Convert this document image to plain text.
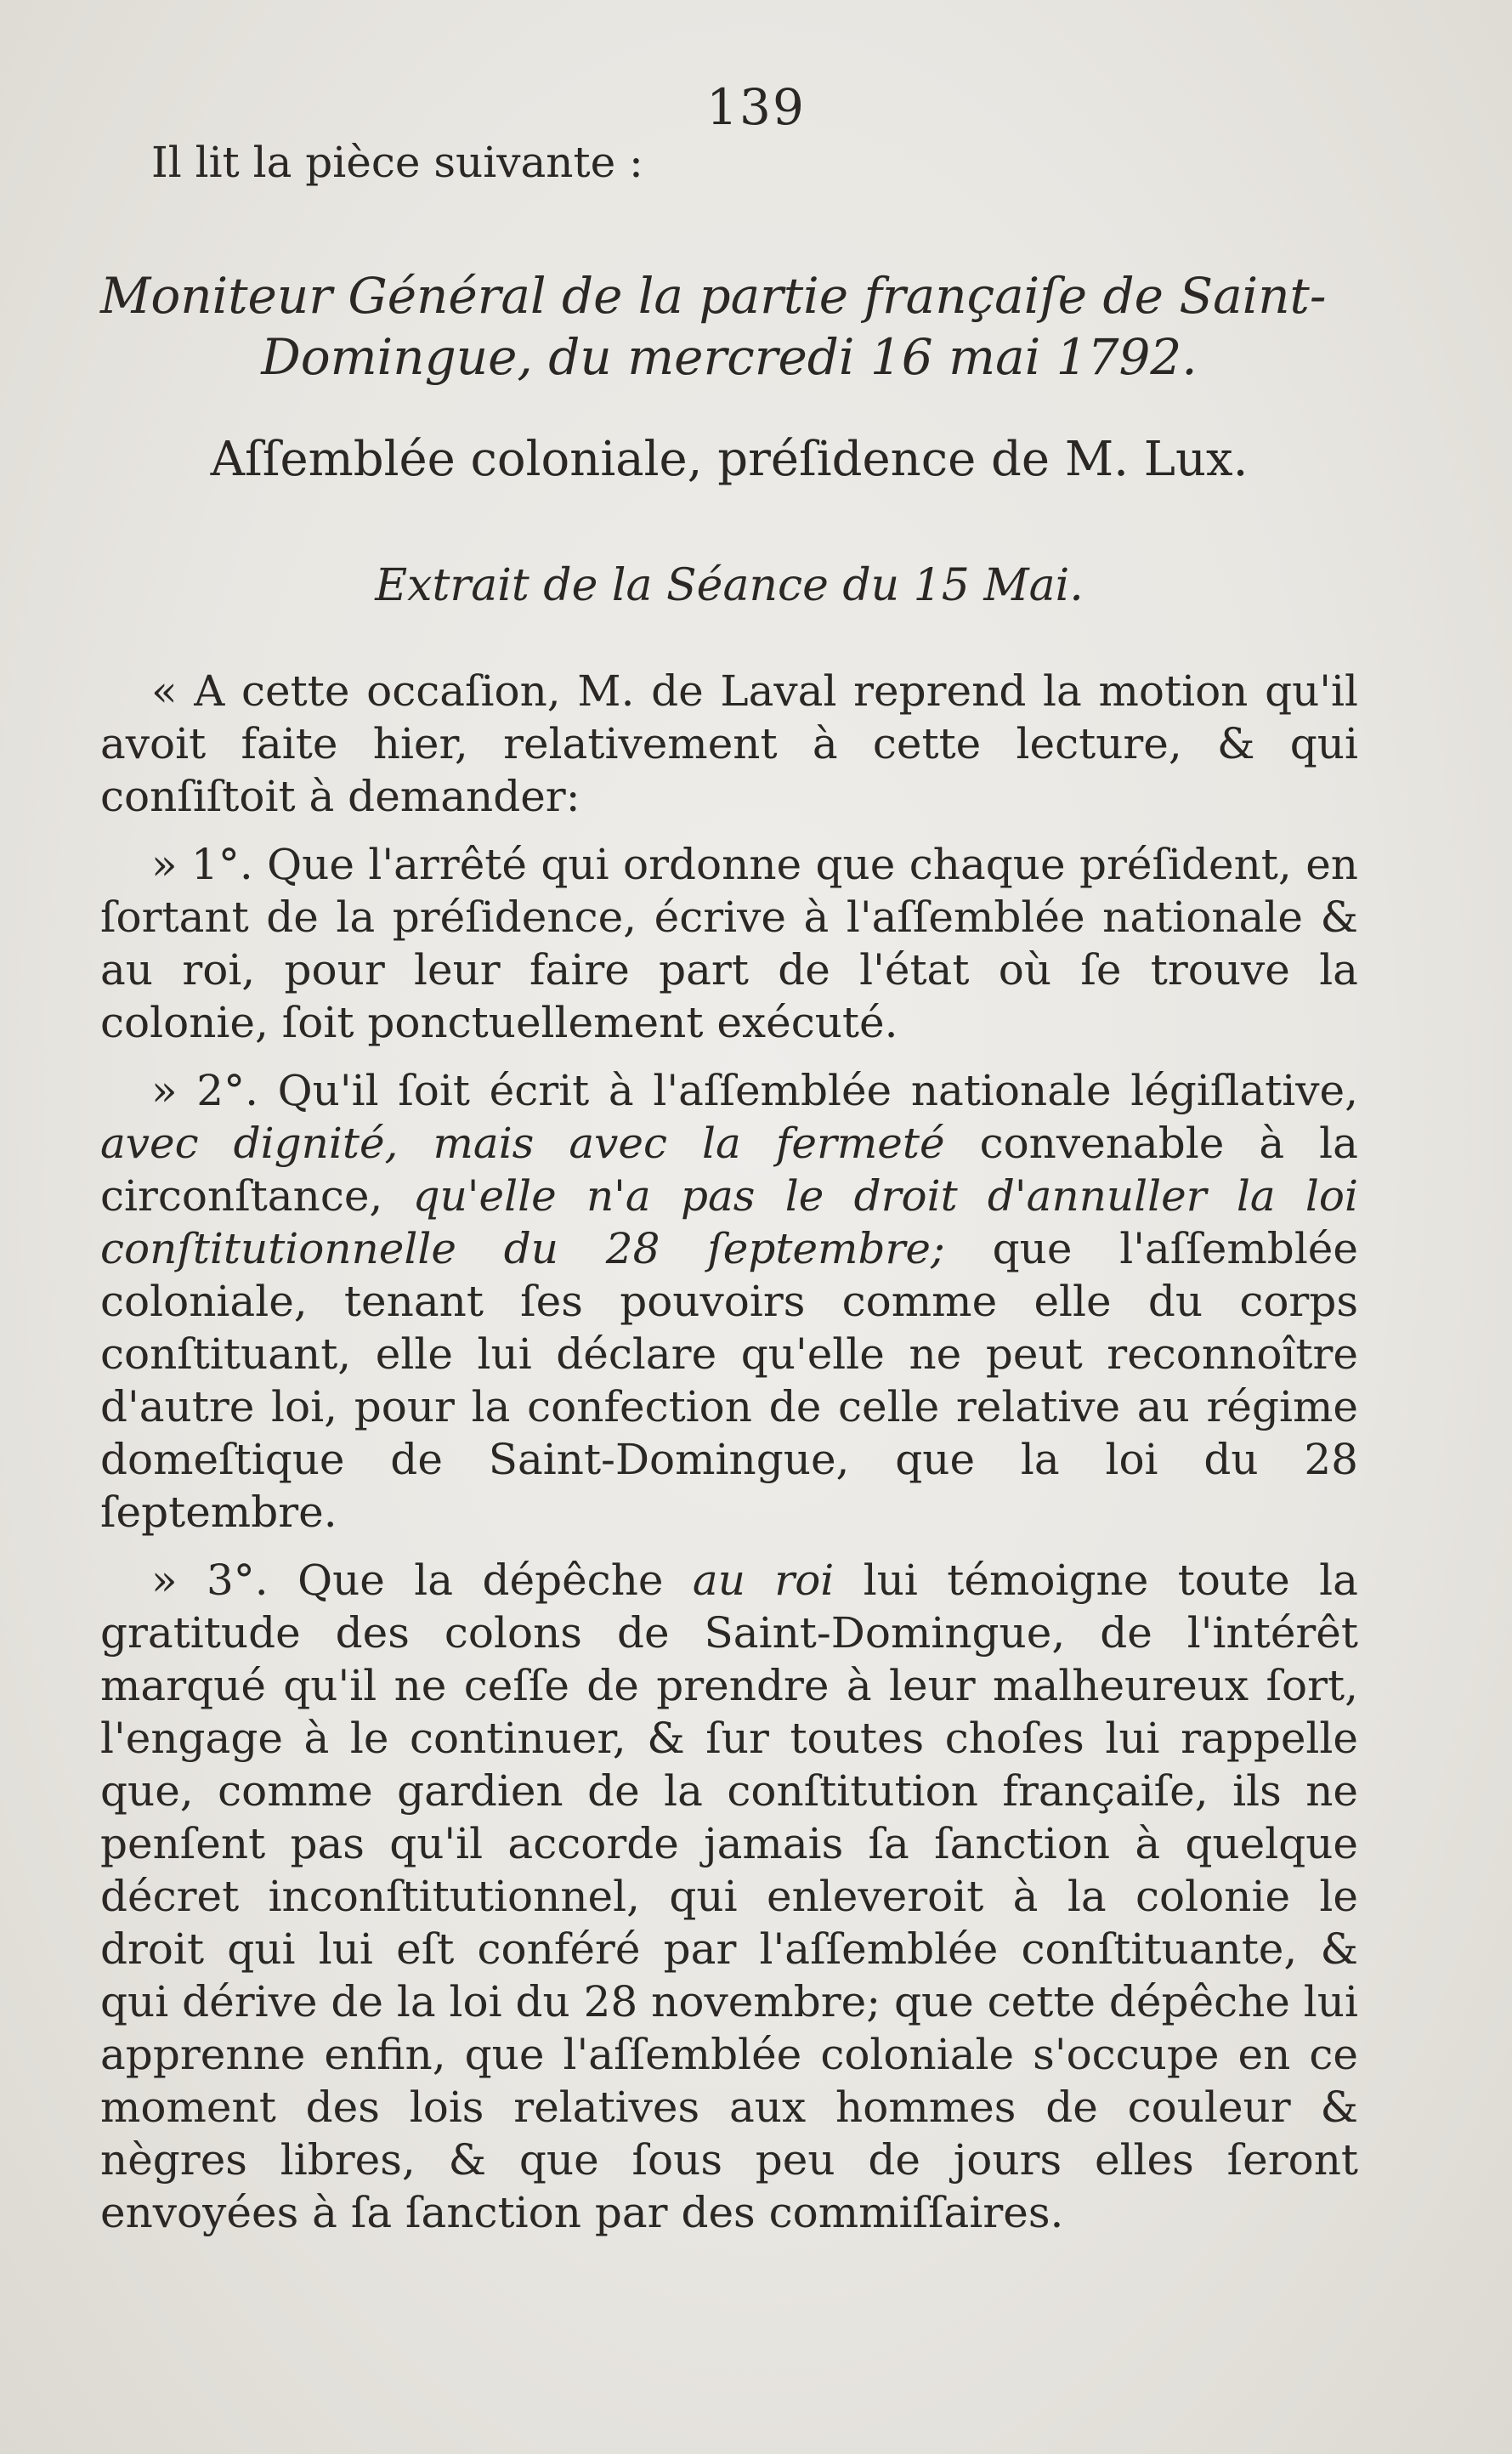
139

Il lit la pièce suivante :

Moniteur Général de la partie françaiſe de Saint-
Domingue, du mercredi 16 mai 1792.
Aſſemblée coloniale, préſidence de M. Lux.
Extrait de la Séance du 15 Mai.

« A cette occaſion, M. de Laval reprend la motion qu'il avoit faite hier, relativement à cette lecture, & qui conſiſtoit à demander:

» 1°. Que l'arrêté qui ordonne que chaque préſident, en ſortant de la préſidence, écrive à l'aſſemblée nationale & au roi, pour leur faire part de l'état où ſe trouve la colonie, ſoit ponctuellement exécuté.

» 2°. Qu'il ſoit écrit à l'aſſemblée nationale légiſlative, avec dignité, mais avec la fermeté convenable à la circonſtance, qu'elle n'a pas le droit d'annuller la loi conſtitutionnelle du 28 ſeptembre; que l'aſſemblée coloniale, tenant ſes pouvoirs comme elle du corps conſtituant, elle lui déclare qu'elle ne peut reconnoître d'autre loi, pour la confection de celle relative au régime domeſtique de Saint-Domingue, que la loi du 28 ſeptembre.

» 3°. Que la dépêche au roi lui témoigne toute la gratitude des colons de Saint-Domingue, de l'intérêt marqué qu'il ne ceſſe de prendre à leur malheureux ſort, l'engage à le continuer, & ſur toutes choſes lui rappelle que, comme gardien de la conſtitution françaiſe, ils ne penſent pas qu'il accorde jamais ſa ſanction à quelque décret inconſtitutionnel, qui enleveroit à la colonie le droit qui lui eſt conféré par l'aſſemblée conſtituante, & qui dérive de la loi du 28 novembre; que cette dépêche lui apprenne enfin, que l'aſſemblée coloniale s'occupe en ce moment des lois relatives aux hommes de couleur & nègres libres, & que ſous peu de jours elles ſeront envoyées à ſa ſanction par des commiſſaires.
